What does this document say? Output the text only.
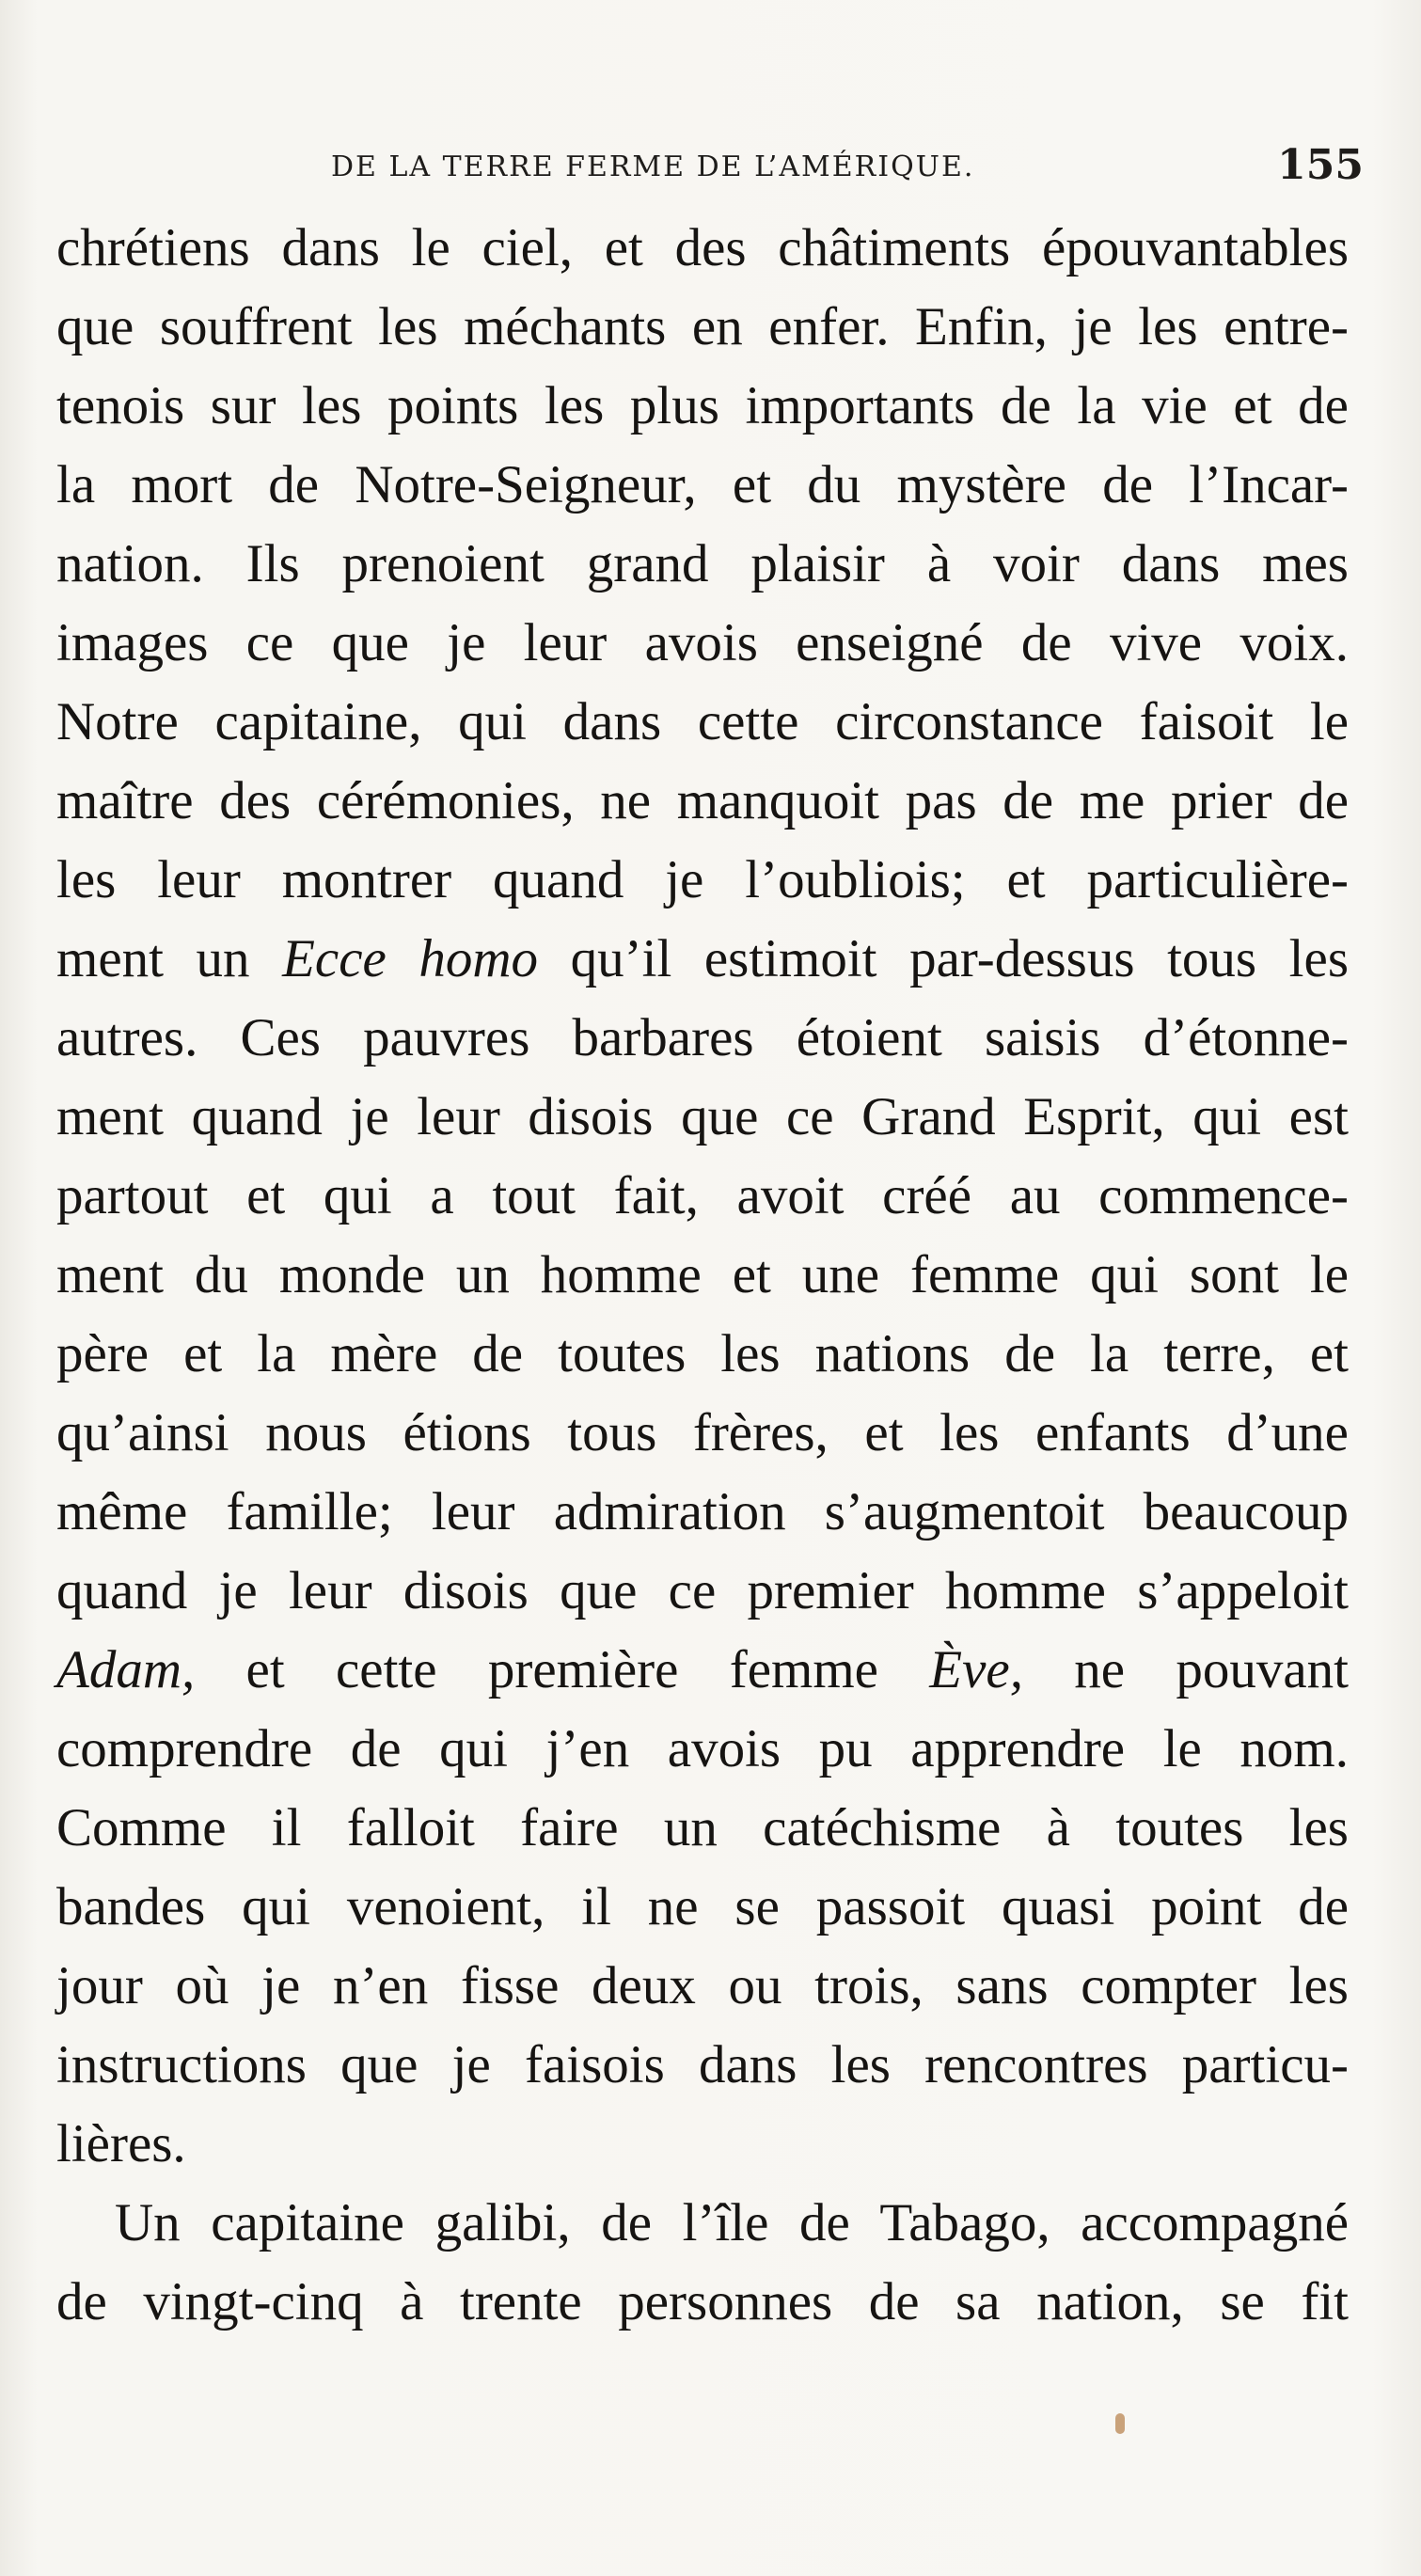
DE LA TERRE FERME DE L’AMÉRIQUE.	155
chrétiens dans le ciel, et des châtiments épouvantables
que souffrent les méchants en enfer. Enfin, je les entre-
tenois sur les points les plus importants de la vie et de
la mort de Notre-Seigneur, et du mystère de l’Incar-
nation. Ils prenoient grand plaisir à voir dans mes
images ce que je leur avois enseigné de vive voix.
Notre capitaine, qui dans cette circonstance faisoit le
maître des cérémonies, ne manquoit pas de me prier de
les leur montrer quand je l’oubliois; et particulière-
ment un Ecce homo qu’il estimoit par-dessus tous les
autres. Ces pauvres barbares étoient saisis d’étonne-
ment quand je leur disois que ce Grand Esprit, qui est
partout et qui a tout fait, avoit créé au commence-
ment du monde un homme et une femme qui sont le
père et la mère de toutes les nations de la terre, et
qu’ainsi nous étions tous frères, et les enfants d’une
même famille; leur admiration s’augmentoit beaucoup
quand je leur disois que ce premier homme s’appeloit
Adam, et cette première femme Ève, ne pouvant
comprendre de qui j’en avois pu apprendre le nom.
Comme il falloit faire un catéchisme à toutes les
bandes qui venoient, il ne se passoit quasi point de
jour où je n’en fisse deux ou trois, sans compter les
instructions que je faisois dans les rencontres particu-
lières.
Un capitaine galibi, de l’île de Tabago, accompagné
de vingt-cinq à trente personnes de sa nation, se fit
